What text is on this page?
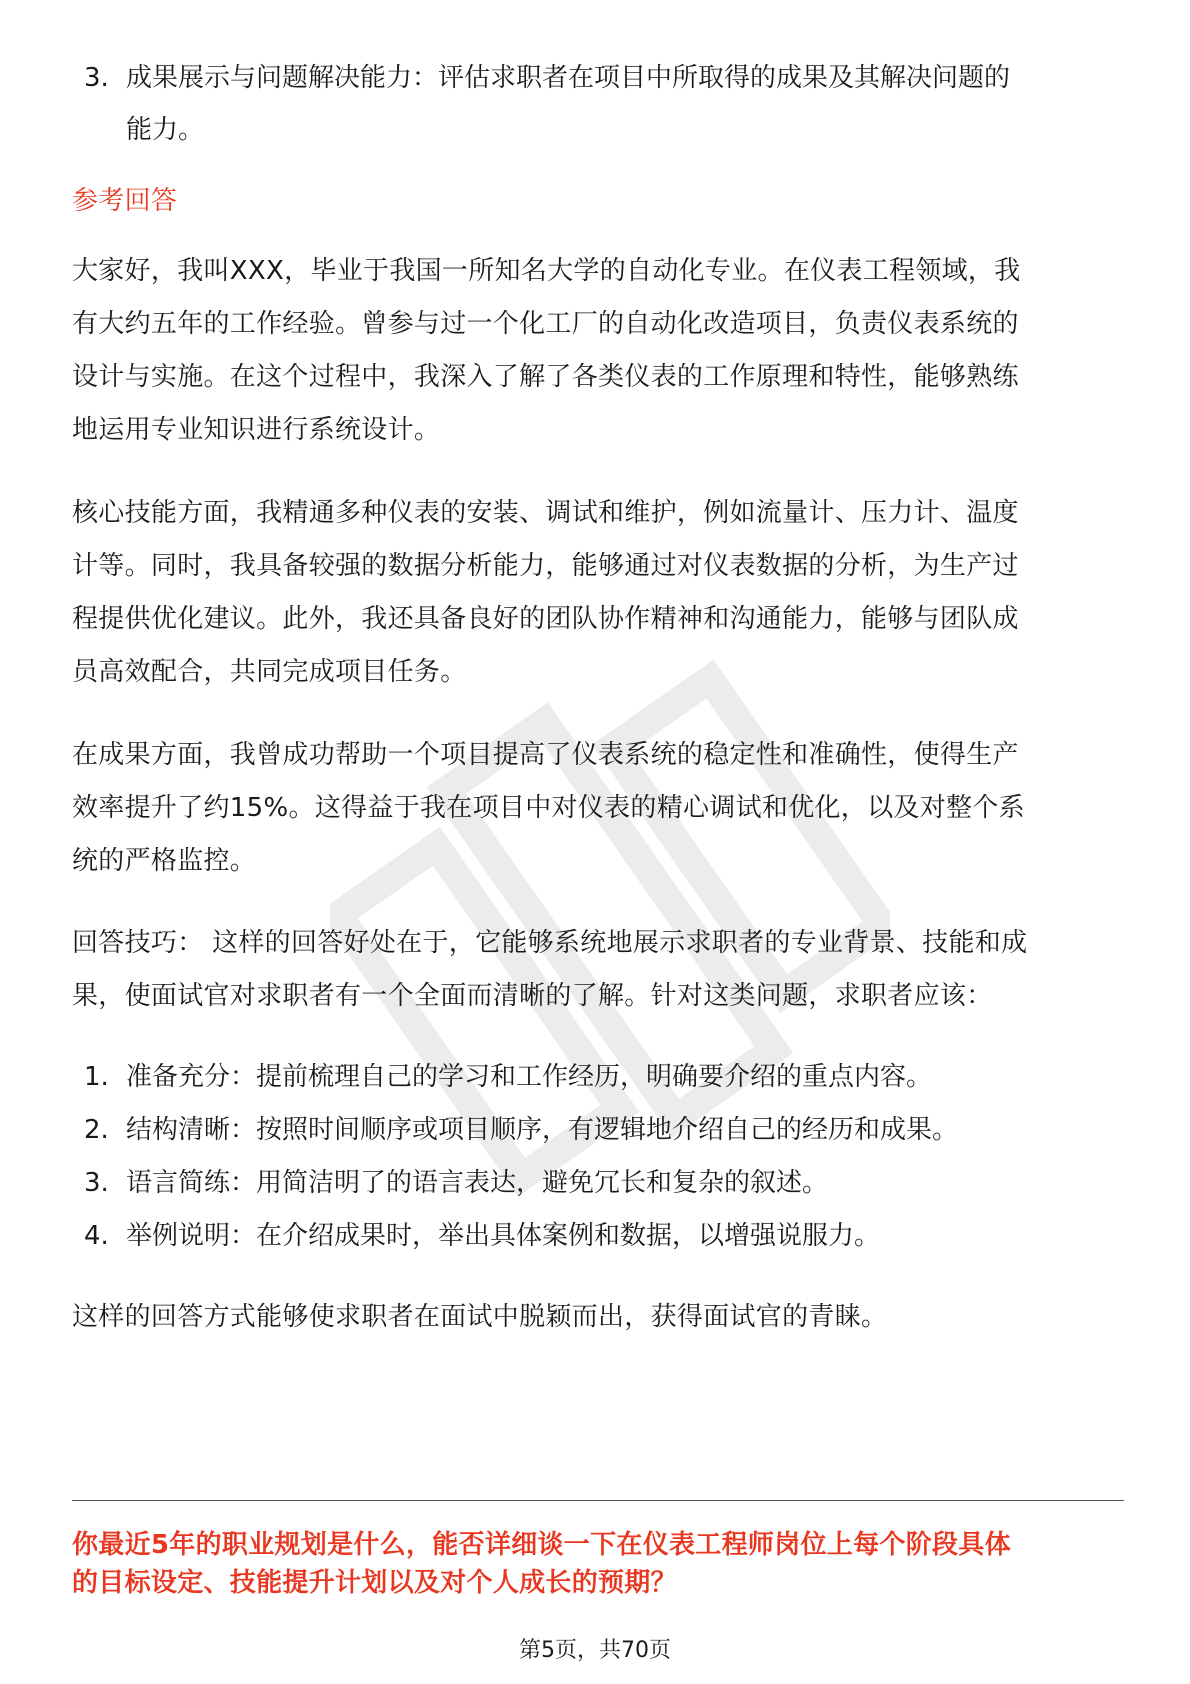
3. 成果展示与问题解决能力：评估求职者在项目中所取得的成果及其解决问题的
能力。
参考回答
大家好，我叫XXX，毕业于我国一所知名大学的自动化专业。在仪表工程领域，我
有大约五年的工作经验。曾参与过一个化工厂的自动化改造项目，负责仪表系统的
设计与实施。在这个过程中，我深入了解了各类仪表的工作原理和特性，能够熟练
地运用专业知识进行系统设计。
核心技能方面，我精通多种仪表的安装、调试和维护，例如流量计、压力计、温度
计等。同时，我具备较强的数据分析能力，能够通过对仪表数据的分析，为生产过
程提供优化建议。此外，我还具备良好的团队协作精神和沟通能力，能够与团队成
员高效配合，共同完成项目任务。
在成果方面，我曾成功帮助一个项目提高了仪表系统的稳定性和准确性，使得生产
效率提升了约15%。这得益于我在项目中对仪表的精心调试和优化，以及对整个系
统的严格监控。
回答技巧： 这样的回答好处在于，它能够系统地展示求职者的专业背景、技能和成
果，使面试官对求职者有一个全面而清晰的了解。针对这类问题，求职者应该：
1. 准备充分：提前梳理自己的学习和工作经历，明确要介绍的重点内容。
2. 结构清晰：按照时间顺序或项目顺序，有逻辑地介绍自己的经历和成果。
3. 语言简练：用简洁明了的语言表达，避免冗长和复杂的叙述。
4. 举例说明：在介绍成果时，举出具体案例和数据，以增强说服力。
这样的回答方式能够使求职者在面试中脱颖而出，获得面试官的青睐。
你最近5年的职业规划是什么，能否详细谈一下在仪表工程师岗位上每个阶段具体
的目标设定、技能提升计划以及对个人成长的预期？
第5页，共70页
